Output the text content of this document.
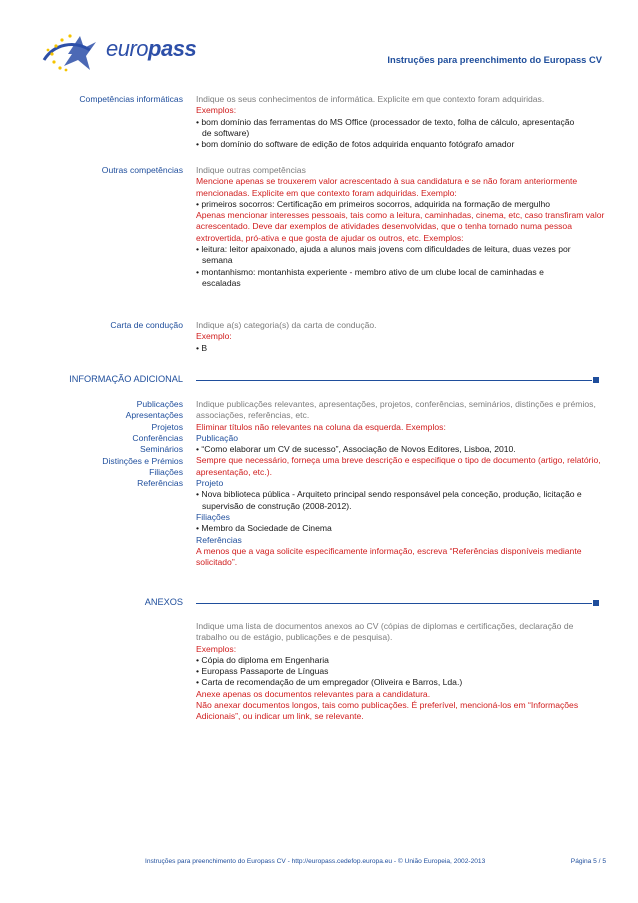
europass	Instruções para preenchimento do Europass CV
Competências informáticas Indique os seus conhecimentos de informática. Explicite em que contexto foram adquiridas.

Exemplos:

• bom domínio das ferramentas do MS Office (processador de texto, folha de cálculo, apresentação

de software)

• bom domínio do software de edição de fotos adquirida enquanto fotógrafo amador

Outras competências Indique outras competências

Mencione apenas se trouxerem valor acrescentado à sua candidatura e se não foram anteriormente mencionadas. Explicite em que contexto foram adquiridas. Exemplo:

• primeiros socorros: Certificação em primeiros socorros, adquirida na formação de mergulho

Apenas mencionar interesses pessoais, tais como a leitura, caminhadas, cinema, etc, caso transfiram valor acrescentado. Deve dar exemplos de atividades desenvolvidas, que o tenha tornado numa pessoa extrovertida, pró-ativa e que gosta de ajudar os outros, etc. Exemplos:

• leitura: leitor apaixonado, ajuda a alunos mais jovens com dificuldades de leitura, duas vezes por

semana

• montanhismo: montanhista experiente - membro ativo de um clube local de caminhadas e

escaladas

Carta de condução Indique a(s) categoria(s) da carta de condução.

Exemplo:

• B

INFORMAÇÃO ADICIONAL
Publicações
Apresentações
Projetos
Conferências
Seminários
Distinções e Prémios
Filiações
Referências

Indique publicações relevantes, apresentações, projetos, conferências, seminários, distinções e prémios, associações, referências, etc.

Eliminar títulos não relevantes na coluna da esquerda. Exemplos:

Publicação

• “Como elaborar um CV de sucesso”, Associação de Novos Editores, Lisboa, 2010.

Sempre que necessário, forneça uma breve descrição e especifique o tipo de documento (artigo, relatório, apresentação, etc.).

Projeto

• Nova biblioteca pública - Arquiteto principal sendo responsável pela conceção, produção, licitação e

supervisão de construção (2008-2012).

Filiações

• Membro da Sociedade de Cinema

Referências

A menos que a vaga solicite especificamente informação, escreva “Referências disponíveis mediante solicitado”.

ANEXOS

Indique uma lista de documentos anexos ao CV (cópias de diplomas e certificações, declaração de trabalho ou de estágio, publicações e de pesquisa).

Exemplos:

• Cópia do diploma em Engenharia

• Europass Passaporte de Línguas

• Carta de recomendação de um empregador (Oliveira e Barros, Lda.)

Anexe apenas os documentos relevantes para a candidatura.

Não anexar documentos longos, tais como publicações. É preferível, mencioná-los em “Informações Adicionais”, ou indicar um link, se relevante.

Instruções para preenchimento do Europass CV - http://europass.cedefop.europa.eu - © União Europeia, 2002-2013	Página 5 / 5
